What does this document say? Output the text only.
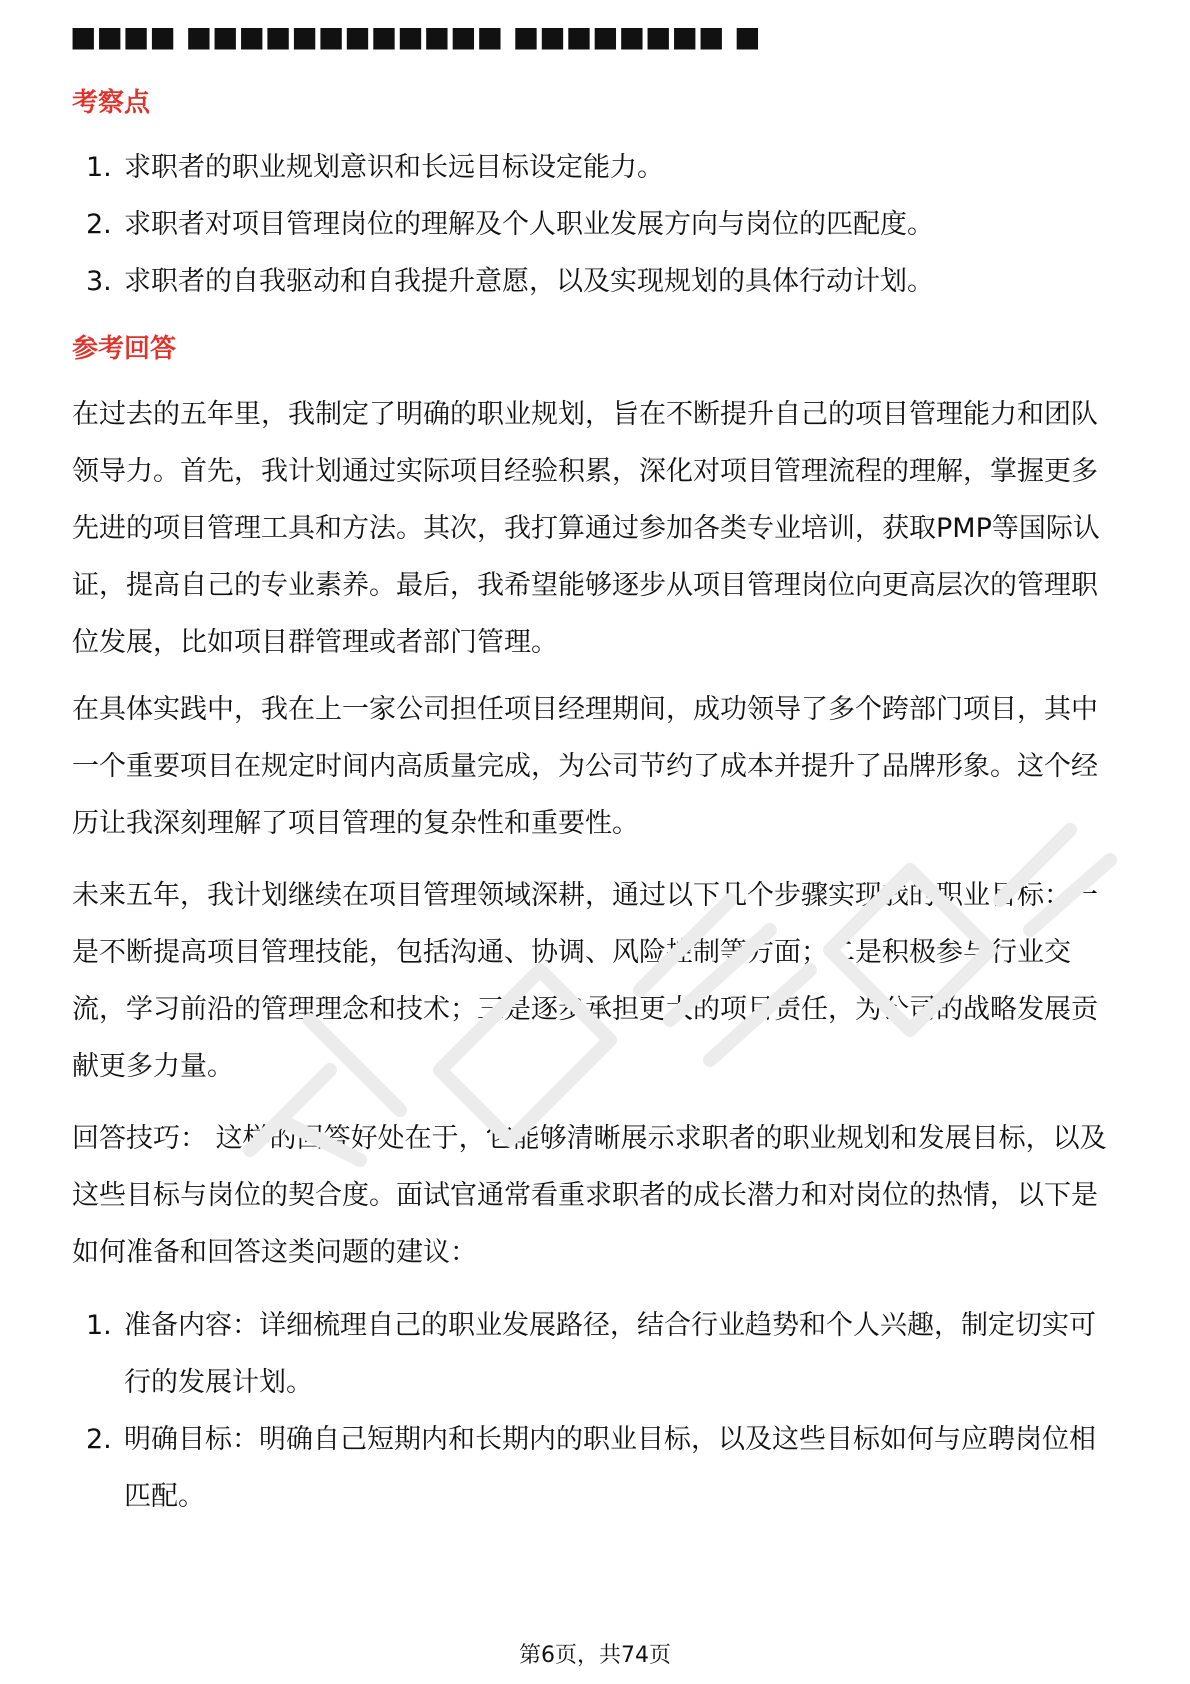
■■■■ ■■■■■■■■■■■■ ■■■■■■■■ ■
考察点
1. 求职者的职业规划意识和长远目标设定能力。
2. 求职者对项目管理岗位的理解及个人职业发展方向与岗位的匹配度。
3. 求职者的自我驱动和自我提升意愿，以及实现规划的具体行动计划。
参考回答

在过去的五年里，我制定了明确的职业规划，旨在不断提升自己的项目管理能力和团队领导力。首先，我计划通过实际项目经验积累，深化对项目管理流程的理解，掌握更多先进的项目管理工具和方法。其次，我打算通过参加各类专业培训，获取PMP等国际认证，提高自己的专业素养。最后，我希望能够逐步从项目管理岗位向更高层次的管理职位发展，比如项目群管理或者部门管理。

在具体实践中，我在上一家公司担任项目经理期间，成功领导了多个跨部门项目，其中一个重要项目在规定时间内高质量完成，为公司节约了成本并提升了品牌形象。这个经历让我深刻理解了项目管理的复杂性和重要性。

未来五年，我计划继续在项目管理领域深耕，通过以下几个步骤实现我的职业目标：一是不断提高项目管理技能，包括沟通、协调、风险控制等方面；二是积极参与行业交流，学习前沿的管理理念和技术；三是逐步承担更大的项目责任，为公司的战略发展贡献更多力量。

回答技巧： 这样的回答好处在于，它能够清晰展示求职者的职业规划和发展目标，以及这些目标与岗位的契合度。面试官通常看重求职者的成长潜力和对岗位的热情，以下是如何准备和回答这类问题的建议：

1. 准备内容：详细梳理自己的职业发展路径，结合行业趋势和个人兴趣，制定切实可行的发展计划。
2. 明确目标：明确自己短期内和长期内的职业目标，以及这些目标如何与应聘岗位相匹配。
第6页，共74页
